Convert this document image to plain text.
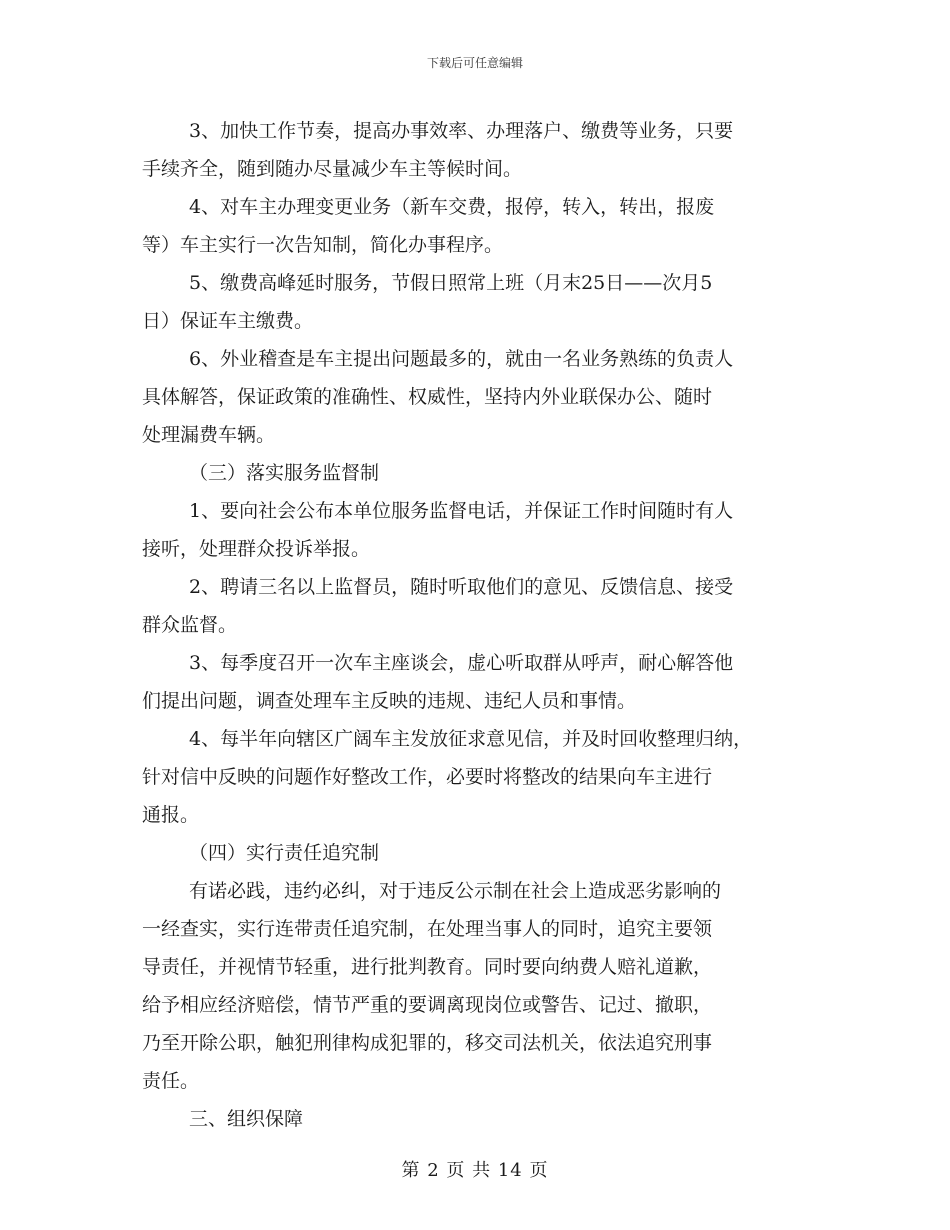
下载后可任意编辑
3、加快工作节奏，提高办事效率、办理落户、缴费等业务，只要
手续齐全，随到随办尽量减少车主等候时间。
4、对车主办理变更业务（新车交费，报停，转入，转出，报废
等）车主实行一次告知制，简化办事程序。
5、缴费高峰延时服务，节假日照常上班（月末25日——次月5
日）保证车主缴费。
6、外业稽查是车主提出问题最多的，就由一名业务熟练的负责人
具体解答，保证政策的准确性、权威性，坚持内外业联保办公、随时
处理漏费车辆。
（三）落实服务监督制
1、要向社会公布本单位服务监督电话，并保证工作时间随时有人
接听，处理群众投诉举报。
2、聘请三名以上监督员，随时听取他们的意见、反馈信息、接受
群众监督。
3、每季度召开一次车主座谈会，虚心听取群从呼声，耐心解答他
们提出问题，调查处理车主反映的违规、违纪人员和事情。
4、每半年向辖区广阔车主发放征求意见信，并及时回收整理归纳，
针对信中反映的问题作好整改工作，必要时将整改的结果向车主进行
通报。
（四）实行责任追究制
有诺必践，违约必纠，对于违反公示制在社会上造成恶劣影响的
一经查实，实行连带责任追究制，在处理当事人的同时，追究主要领
导责任，并视情节轻重，进行批判教育。同时要向纳费人赔礼道歉，
给予相应经济赔偿，情节严重的要调离现岗位或警告、记过、撤职，
乃至开除公职，触犯刑律构成犯罪的，移交司法机关，依法追究刑事
责任。
三、组织保障
第 2 页 共 14 页
